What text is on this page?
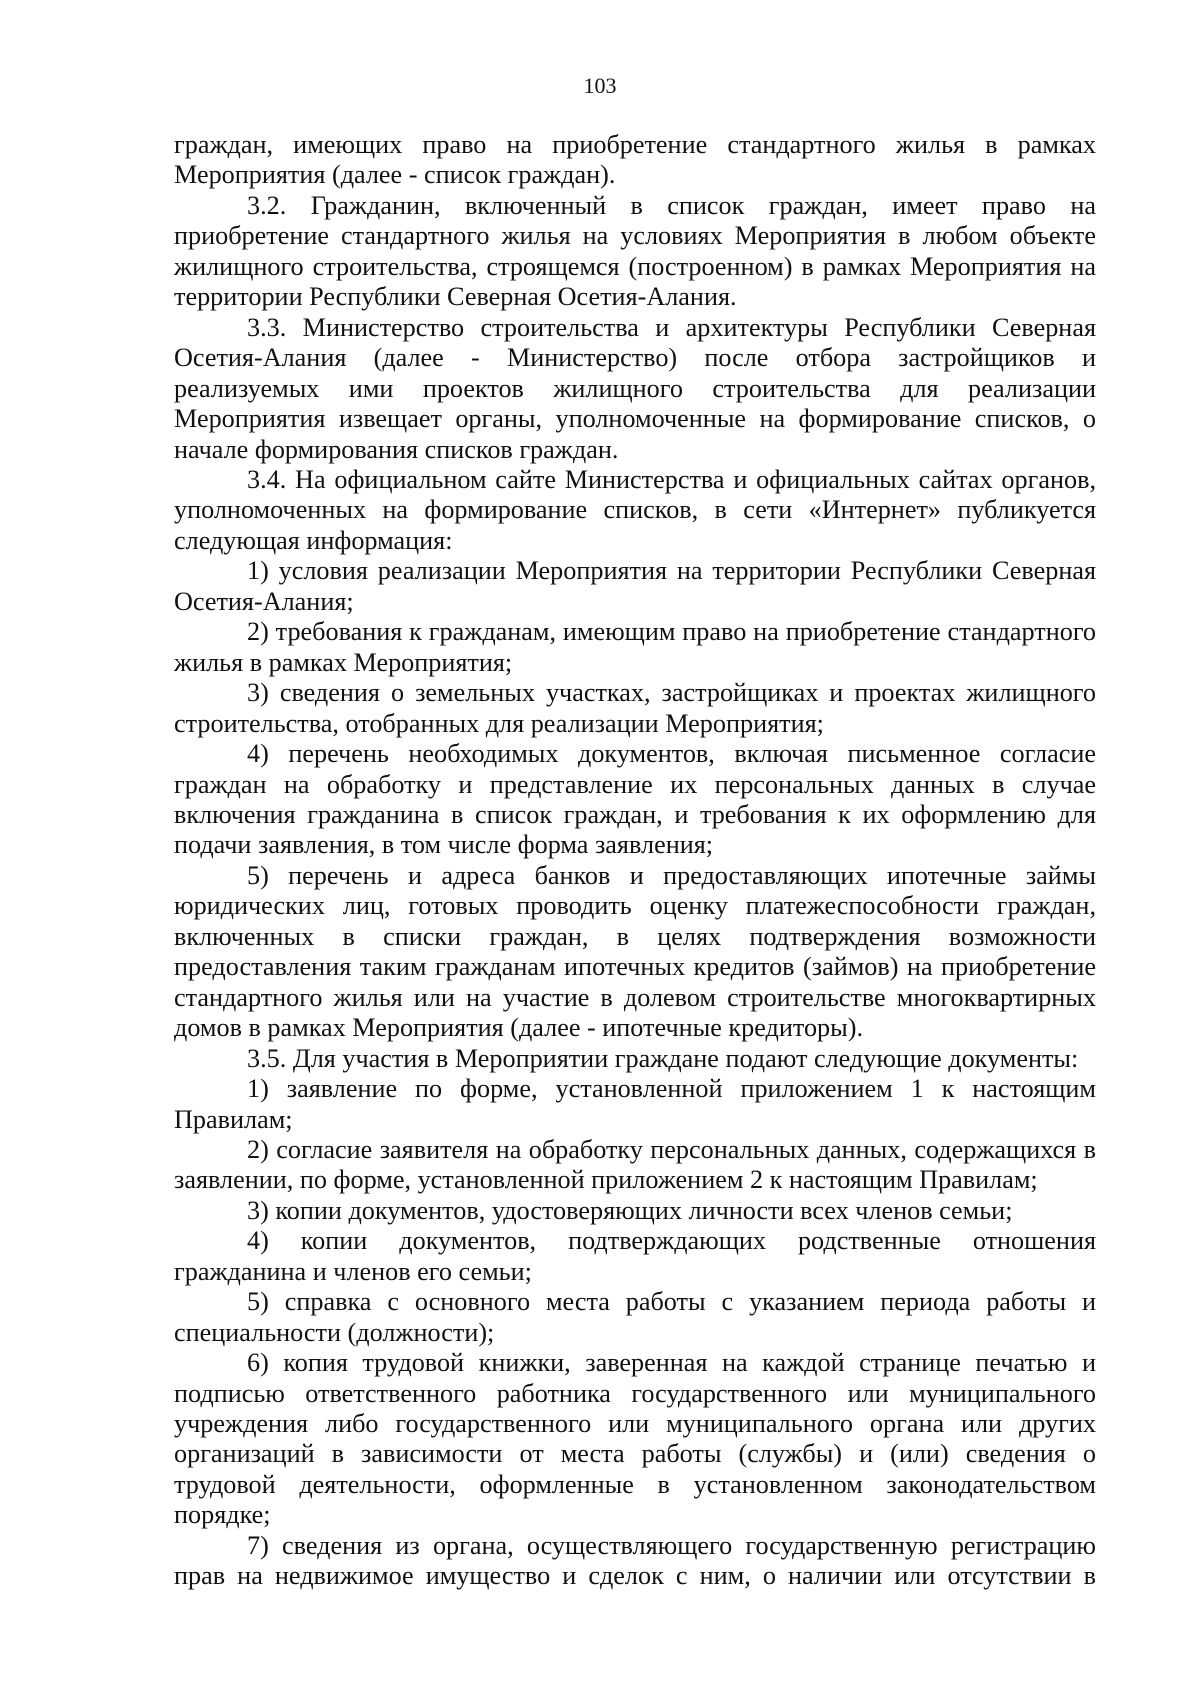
103

граждан, имеющих право на приобретение стандартного жилья в рамках Мероприятия (далее - список граждан).

3.2. Гражданин, включенный в список граждан, имеет право на приобретение стандартного жилья на условиях Мероприятия в любом объекте жилищного строительства, строящемся (построенном) в рамках Мероприятия на территории Республики Северная Осетия-Алания.

3.3. Министерство строительства и архитектуры Республики Северная Осетия-Алания (далее - Министерство) после отбора застройщиков и реализуемых ими проектов жилищного строительства для реализации Мероприятия извещает органы, уполномоченные на формирование списков, о начале формирования списков граждан.

3.4. На официальном сайте Министерства и официальных сайтах органов, уполномоченных на формирование списков, в сети «Интернет» публикуется следующая информация:

1) условия реализации Мероприятия на территории Республики Северная Осетия-Алания;

2) требования к гражданам, имеющим право на приобретение стандартного жилья в рамках Мероприятия;

3) сведения о земельных участках, застройщиках и проектах жилищного строительства, отобранных для реализации Мероприятия;

4) перечень необходимых документов, включая письменное согласие граждан на обработку и представление их персональных данных в случае включения гражданина в список граждан, и требования к их оформлению для подачи заявления, в том числе форма заявления;

5) перечень и адреса банков и предоставляющих ипотечные займы юридических лиц, готовых проводить оценку платежеспособности граждан, включенных в списки граждан, в целях подтверждения возможности предоставления таким гражданам ипотечных кредитов (займов) на приобретение стандартного жилья или на участие в долевом строительстве многоквартирных домов в рамках Мероприятия (далее - ипотечные кредиторы).

3.5. Для участия в Мероприятии граждане подают следующие документы:

1) заявление по форме, установленной приложением 1 к настоящим Правилам;

2) согласие заявителя на обработку персональных данных, содержащихся в заявлении, по форме, установленной приложением 2 к настоящим Правилам;

3) копии документов, удостоверяющих личности всех членов семьи;

4) копии документов, подтверждающих родственные отношения гражданина и членов его семьи;

5) справка с основного места работы с указанием периода работы и специальности (должности);

6) копия трудовой книжки, заверенная на каждой странице печатью и подписью ответственного работника государственного или муниципального учреждения либо государственного или муниципального органа или других организаций в зависимости от места работы (службы) и (или) сведения о трудовой деятельности, оформленные в установленном законодательством порядке;

7) сведения из органа, осуществляющего государственную регистрацию прав на недвижимое имущество и сделок с ним, о наличии или отсутствии в
